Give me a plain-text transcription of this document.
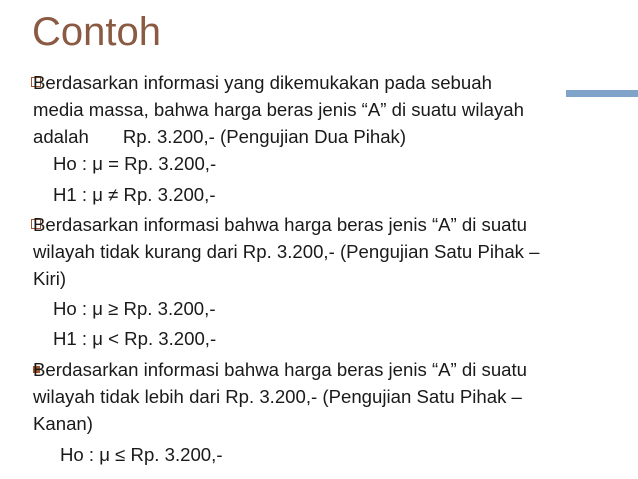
Contoh
Berdasarkan informasi yang dikemukakan pada sebuah
media massa, bahwa harga beras jenis “A” di suatu wilayah
adalah Rp. 3.200,- (Pengujian Dua Pihak)
Ho : μ = Rp. 3.200,-
H1 : μ ≠ Rp. 3.200,-
Berdasarkan informasi bahwa harga beras jenis “A” di suatu
wilayah tidak kurang dari Rp. 3.200,- (Pengujian Satu Pihak –
Kiri)
Ho : μ ≥ Rp. 3.200,-
H1 : μ < Rp. 3.200,-
Berdasarkan informasi bahwa harga beras jenis “A” di suatu
wilayah tidak lebih dari Rp. 3.200,- (Pengujian Satu Pihak –
Kanan)
Ho : μ ≤ Rp. 3.200,-
